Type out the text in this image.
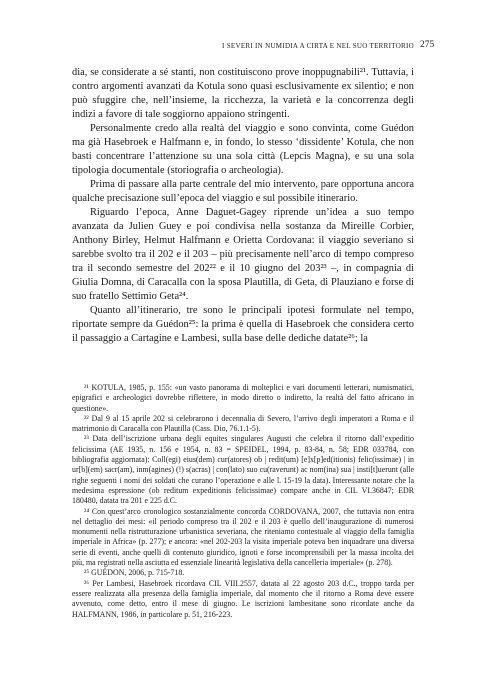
I SEVERI IN NUMIDIA A CIRTA E NEL SUO TERRITORIO 275

dia, se considerate a sé stanti, non costituiscono prove inoppugnabili²¹. Tuttavia, i contro argomenti avanzati da Kotula sono quasi esclusivamente ex silentio; e non può sfuggire che, nell’insieme, la ricchezza, la varietà e la concorrenza degli indizi a favore di tale soggiorno appaiono stringenti.

Personalmente credo alla realtà del viaggio e sono convinta, come Guédon ma già Hasebroek e Halfmann e, in fondo, lo stesso ‘dissidente’ Kotula, che non basti concentrare l’attenzione su una sola città (Lepcis Magna), e su una sola tipologia documentale (storiografia o archeologia).

Prima di passare alla parte centrale del mio intervento, pare opportuna ancora qualche precisazione sull’epoca del viaggio e sul possibile itinerario.

Riguardo l’epoca, Anne Daguet-Gagey riprende un’idea a suo tempo avanzata da Julien Guey e poi condivisa nella sostanza da Mireille Corbier, Anthony Birley, Helmut Halfmann e Orietta Cordovana: il viaggio severiano si sarebbe svolto tra il 202 e il 203 – più precisamente nell’arco di tempo compreso tra il secondo semestre del 202²² e il 10 giugno del 203²³ –, in compagnia di Giulia Domna, di Caracalla con la sposa Plautilla, di Geta, di Plauziano e forse di suo fratello Settimio Geta²⁴.

Quanto all’itinerario, tre sono le principali ipotesi formulate nel tempo, riportate sempre da Guédon²⁵: la prima è quella di Hasebroek che considera certo il passaggio a Cartagine e Lambesi, sulla base delle dediche datate²⁶; la

²¹ KOTULA, 1985, p. 155: «un vasto panorama di molteplici e vari documenti letterari, numismatici, epigrafici e archeologici dovrebbe riflettere, in modo diretto o indiretto, la realtà del fatto africano in questione».

²² Dal 9 al 15 aprile 202 si celebrarono i decennalia di Severo, l’arrivo degli imperatori a Roma e il matrimonio di Caracalla con Plautilla (Cass. Dio, 76.1.1-5).

²³ Data dell’iscrizione urbana degli equites singulares Augusti che celebra il ritorno dall’expeditio felicissima (AE 1935, n. 156 e 1954, n. 83 = SPEIDEL, 1994, p. 83-84, n. 58; EDR 033784, con bibliografia aggiornata): Coll(egi) eius(dem) cur(atores) ob | redit(um) [e]x[p]ed(itionis) felic(issimae) | in ur[b](em) sacr(am), inm(agines) (!) s(acras) | con(lato) suo cu(raverunt) ac nom(ina) sua | insti[t]uerunt (alle righe seguenti i nomi dei soldati che curano l’operazione e alle l. 15-19 la data). Interessante notare che la medesima espressione (ob reditum expeditionis felicissimae) compare anche in CIL VI.36847; EDR 180480, datata tra 201 e 225 d.C.

²⁴ Con quest’arco cronologico sostanzialmente concorda CORDOVANA, 2007, che tuttavia non entra nel dettaglio dei mesi: «il periodo compreso tra il 202 e il 203 è quello dell’inaugurazione di numerosi monumenti nella ristrutturazione urbanistica severiana, che riteniamo contestuale al viaggio della famiglia imperiale in Africa» (p. 277); e ancora: «nel 202-203 la visita imperiale poteva ben inquadrare una diversa serie di eventi, anche quelli di contenuto giuridico, ignoti e forse incomprensibili per la massa incolta dei più, ma registrati nella asciutta ed essenziale linearità legislativa della cancelleria imperiale» (p. 278).

²⁵ GUÉDON, 2006, p. 715-718.

²⁶ Per Lambesi, Hasebroek ricordava CIL VIII.2557, datata al 22 agosto 203 d.C., troppo tarda per essere realizzata alla presenza della famiglia imperiale, dal momento che il ritorno a Roma deve essere avvenuto, come detto, entro il mese di giugno. Le iscrizioni lambesitane sono ricordate anche da HALFMANN, 1986, in particolare p. 51, 216-223.
